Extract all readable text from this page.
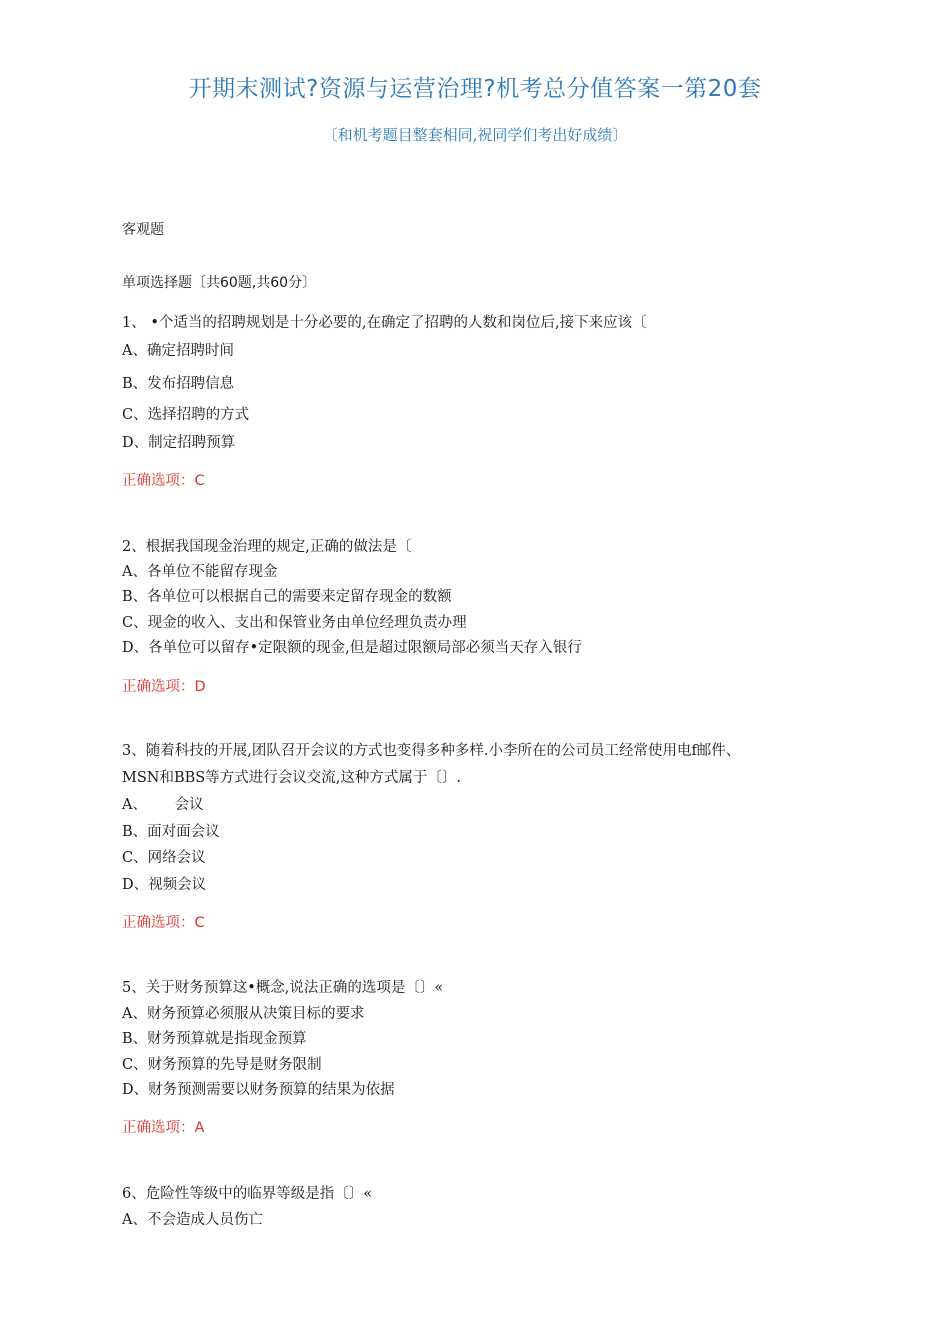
开期末测试?资源与运营治理?机考总分值答案一第20套
〔和机考题目整套相同,祝同学们考出好成绩〕
客观题
单项选择题〔共60题,共60分〕
1、 •个适当的招聘规划是十分必要的,在确定了招聘的人数和岗位后,接下来应该〔
A、确定招聘时间
B、发布招聘信息
C、选择招聘的方式
D、制定招聘预算
正确选项：C
2、根据我国现金治理的规定,正确的做法是〔
A、各单位不能留存现金
B、各单位可以根据自己的需要来定留存现金的数额
C、现金的收入、支出和保管业务由单位经理负责办理
D、各单位可以留存•定限额的现金,但是超过限额局部必须当天存入银行
正确选项：D
3、随着科技的开展,团队召开会议的方式也变得多种多样.小李所在的公司员工经常使用电f邮件、
MSN和BBS等方式进行会议交流,这种方式属于〔〕.
A、      会议
B、面对面会议
C、网络会议
D、视频会议
正确选项：C
5、关于财务预算这•概念,说法正确的选项是〔〕«
A、财务预算必须服从决策目标的要求
B、财务预算就是指现金预算
C、财务预算的先导是财务限制
D、财务预测需要以财务预算的结果为依据
正确选项：A
6、危险性等级中的临界等级是指〔〕«
A、不会造成人员伤亡
